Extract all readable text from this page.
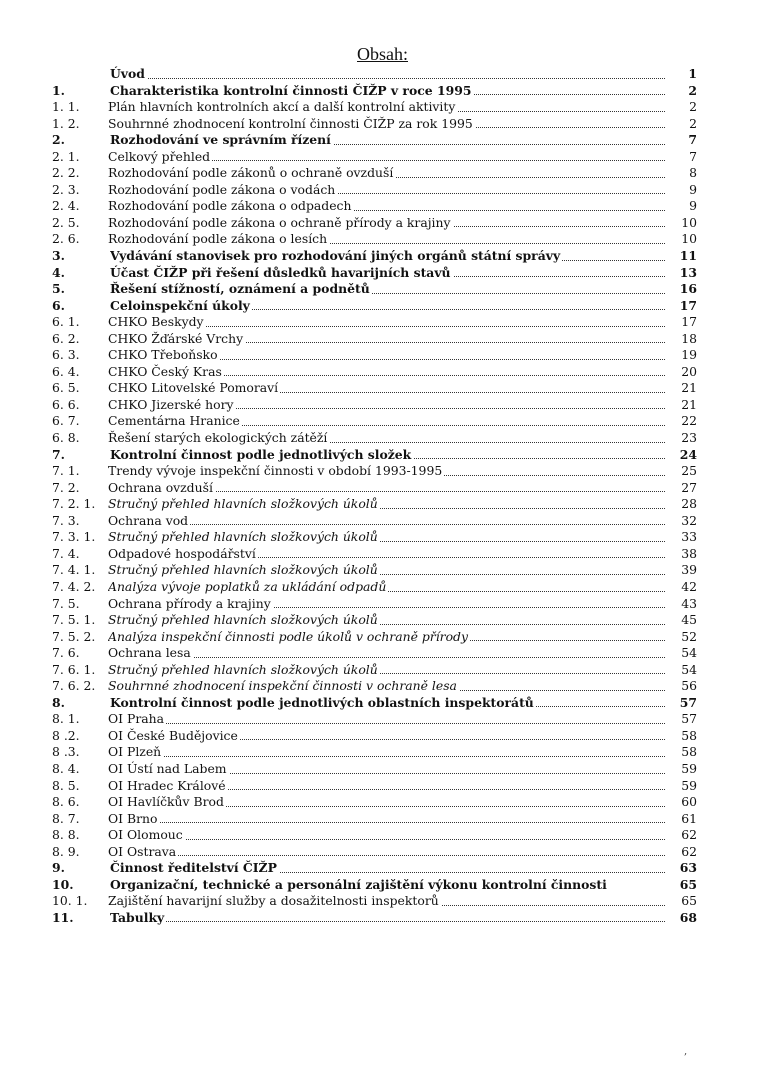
Obsah:
Úvod	1
1.	Charakteristika kontrolní činnosti ČIŽP v roce 1995	2
1. 1. Plán hlavních kontrolních akcí a další kontrolní aktivity	2
1. 2. Souhrnné zhodnocení kontrolní činnosti ČIŽP za rok 1995	2
2.	Rozhodování ve správním řízení	7
2. 1. Celkový přehled	7
2. 2. Rozhodování podle zákonů o ochraně ovzduší	8
2. 3. Rozhodování podle zákona o vodách	9
2. 4. Rozhodování podle zákona o odpadech	9
2. 5. Rozhodování podle zákona o ochraně přírody a krajiny	10
2. 6. Rozhodování podle zákona o lesích	10
3.	Vydávání stanovisek pro rozhodování jiných orgánů státní správy	11
4.	Účast ČIŽP při řešení důsledků havarijních stavů	13
5.	Řešení stížností, oznámení a podnětů	16
6.	Celoinspekční úkoly	17
6. 1. CHKO Beskydy	17
6. 2. CHKO Žďárské Vrchy	18
6. 3. CHKO Třeboňsko	19
6. 4. CHKO Český Kras	20
6. 5. CHKO Litovelské Pomoraví	21
6. 6. CHKO Jizerské hory	21
6. 7. Cementárna Hranice	22
6. 8. Řešení starých ekologických zátěží	23
7.	Kontrolní činnost podle jednotlivých složek	24
7. 1. Trendy vývoje inspekční činnosti v období 1993-1995	25
7. 2. Ochrana ovzduší	27
7. 2. 1. Stručný přehled hlavních složkových úkolů	28
7. 3. Ochrana vod	32
7. 3. 1. Stručný přehled hlavních složkových úkolů	33
7. 4. Odpadové hospodářství	38
7. 4. 1. Stručný přehled hlavních složkových úkolů	39
7. 4. 2. Analýza vývoje poplatků za ukládání odpadů	42
7. 5. Ochrana přírody a krajiny	43
7. 5. 1. Stručný přehled hlavních složkových úkolů	45
7. 5. 2. Analýza inspekční činnosti podle úkolů v ochraně přírody	52
7. 6. Ochrana lesa	54
7. 6. 1. Stručný přehled hlavních složkových úkolů	54
7. 6. 2. Souhrnné zhodnocení inspekční činnosti v ochraně lesa	56
8.	Kontrolní činnost podle jednotlivých oblastních inspektorátů	57
8. 1. OI Praha	57
8 .2. OI České Budějovice	58
8 .3. OI Plzeň	58
8. 4. OI Ústí nad Labem	59
8. 5. OI Hradec Králové	59
8. 6. OI Havlíčkův Brod	60
8. 7. OI Brno	61
8. 8. OI Olomouc	62
8. 9. OI Ostrava	62
9.	Činnost ředitelství ČIŽP	63
10.	Organizační, technické a personální zajištění výkonu kontrolní činnosti	65
10. 1. Zajištění havarijní služby a dosažitelnosti inspektorů	65
11.	Tabulky	68
,
